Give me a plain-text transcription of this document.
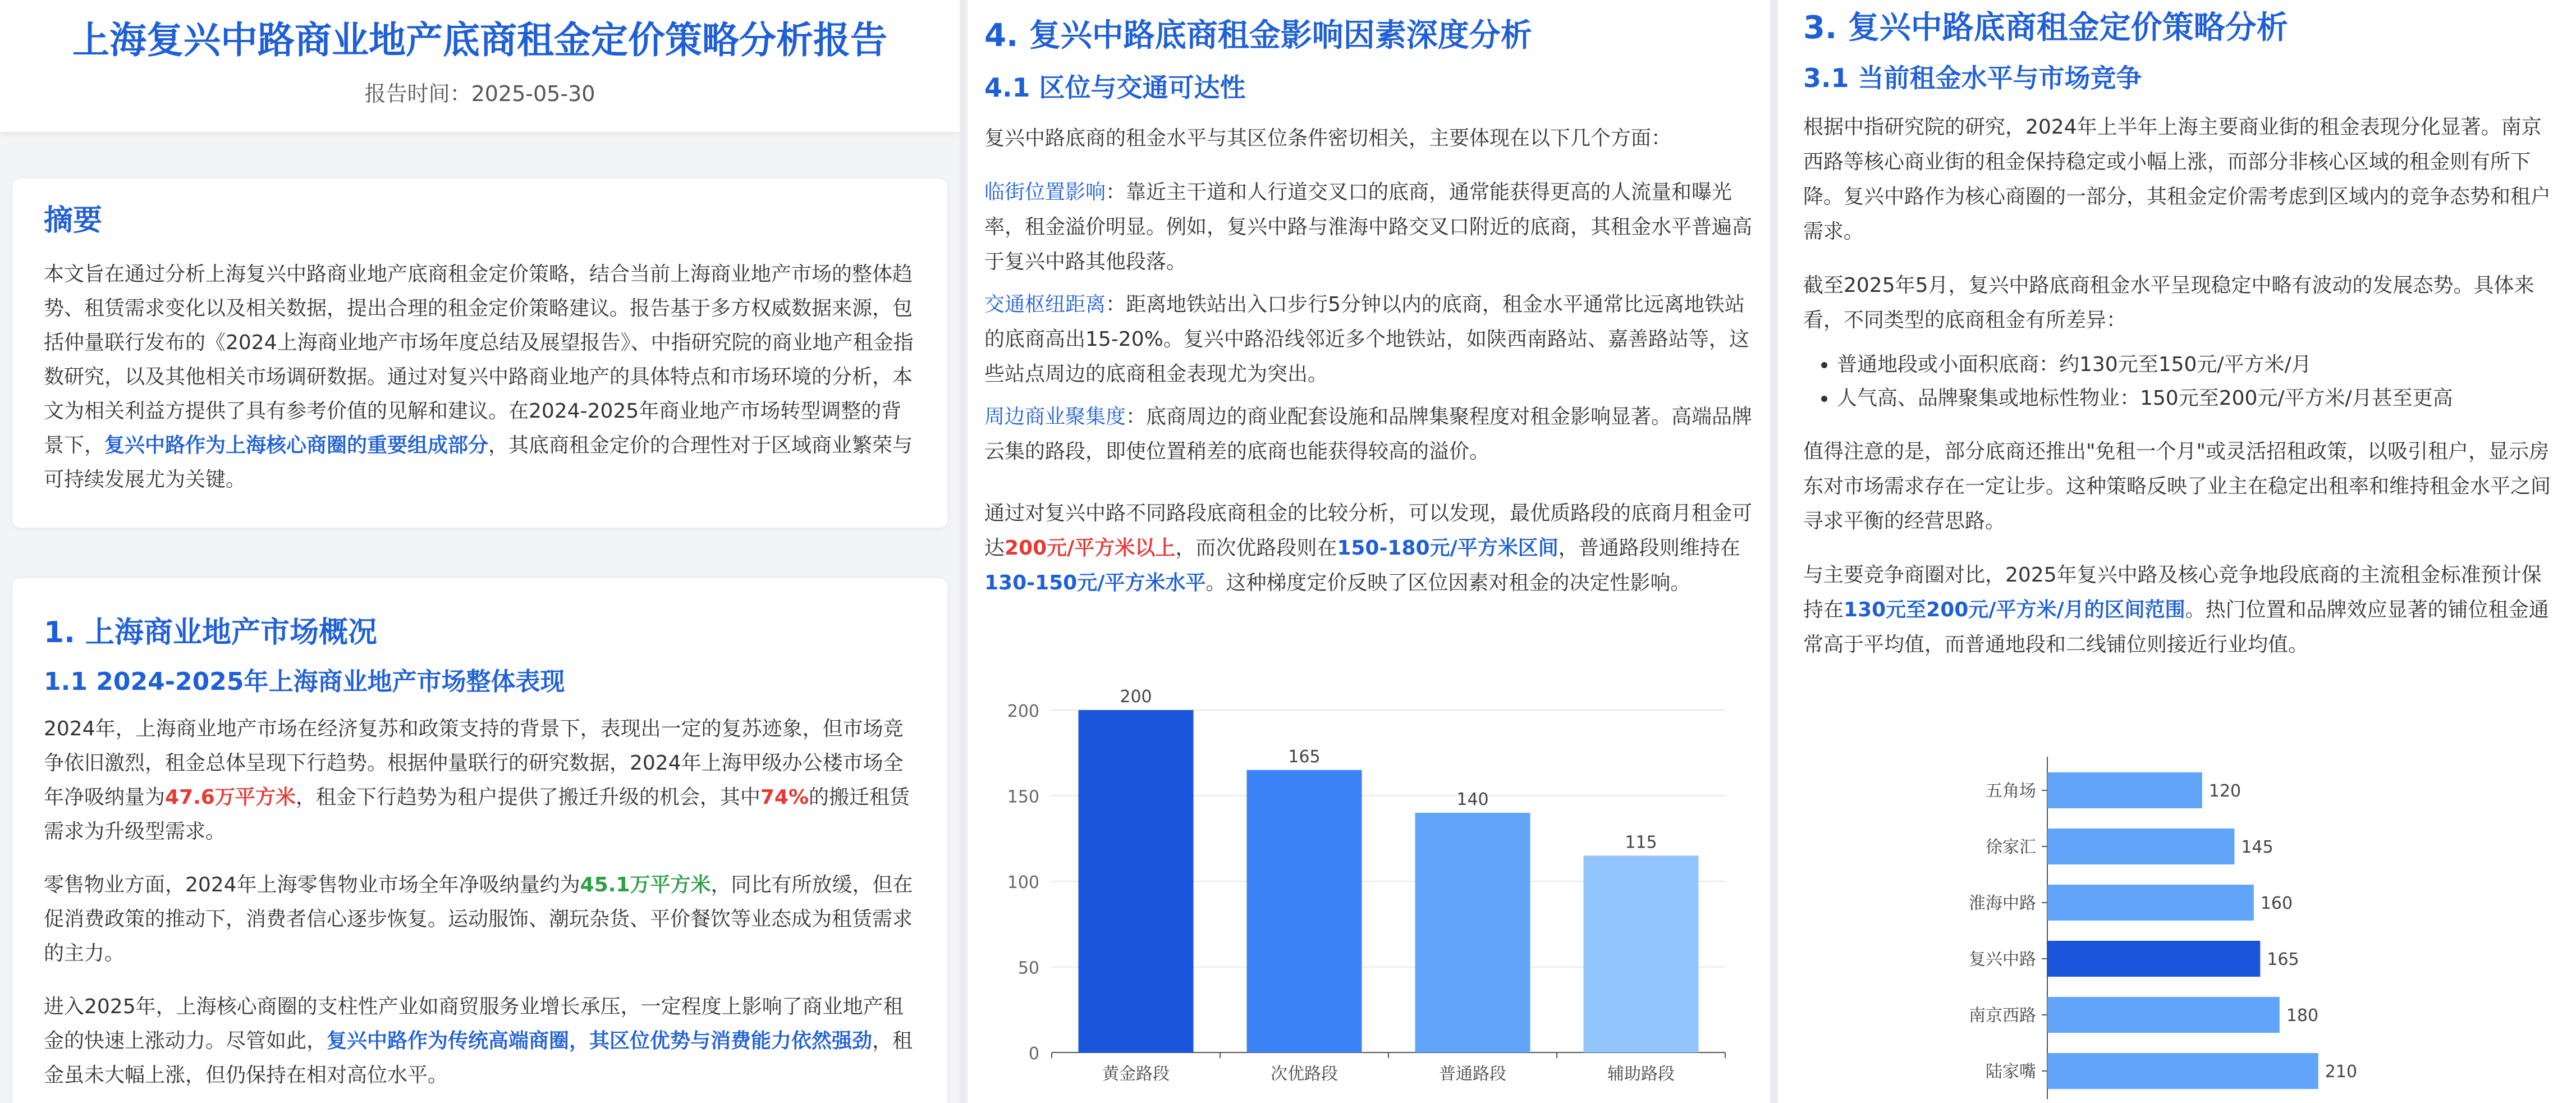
上海复兴中路商业地产底商租金定价策略分析报告
报告时间：2025-05-30
摘要

本文旨在通过分析上海复兴中路商业地产底商租金定价策略，结合当前上海商业地产市场的整体趋势、租赁需求变化以及相关数据，提出合理的租金定价策略建议。报告基于多方权威数据来源，包括仲量联行发布的《2024上海商业地产市场年度总结及展望报告》、中指研究院的商业地产租金指数研究，以及其他相关市场调研数据。通过对复兴中路商业地产的具体特点和市场环境的分析，本文为相关利益方提供了具有参考价值的见解和建议。在2024-2025年商业地产市场转型调整的背景下，复兴中路作为上海核心商圈的重要组成部分，其底商租金定价的合理性对于区域商业繁荣与可持续发展尤为关键。

1. 上海商业地产市场概况
1.1 2024-2025年上海商业地产市场整体表现

2024年，上海商业地产市场在经济复苏和政策支持的背景下，表现出一定的复苏迹象，但市场竞争依旧激烈，租金总体呈现下行趋势。根据仲量联行的研究数据，2024年上海甲级办公楼市场全年净吸纳量为47.6万平方米，租金下行趋势为租户提供了搬迁升级的机会，其中74%的搬迁租赁需求为升级型需求。

零售物业方面，2024年上海零售物业市场全年净吸纳量约为45.1万平方米，同比有所放缓，但在促消费政策的推动下，消费者信心逐步恢复。运动服饰、潮玩杂货、平价餐饮等业态成为租赁需求的主力。

进入2025年，上海核心商圈的支柱性产业如商贸服务业增长承压，一定程度上影响了商业地产租金的快速上涨动力。尽管如此，复兴中路作为传统高端商圈，其区位优势与消费能力依然强劲，租金虽未大幅上涨，但仍保持在相对高位水平。

4. 复兴中路底商租金影响因素深度分析
4.1 区位与交通可达性

复兴中路底商的租金水平与其区位条件密切相关，主要体现在以下几个方面：

临街位置影响：靠近主干道和人行道交叉口的底商，通常能获得更高的人流量和曝光率，租金溢价明显。例如，复兴中路与淮海中路交叉口附近的底商，其租金水平普遍高于复兴中路其他段落。

交通枢纽距离：距离地铁站出入口步行5分钟以内的底商，租金水平通常比远离地铁站的底商高出15-20%。复兴中路沿线邻近多个地铁站，如陕西南路站、嘉善路站等，这些站点周边的底商租金表现尤为突出。

周边商业聚集度：底商周边的商业配套设施和品牌集聚程度对租金影响显著。高端品牌云集的路段，即使位置稍差的底商也能获得较高的溢价。

通过对复兴中路不同路段底商租金的比较分析，可以发现，最优质路段的底商月租金可达200元/平方米以上，而次优路段则在150-180元/平方米区间，普通路段则维持在130-150元/平方米水平。这种梯度定价反映了区位因素对租金的决定性影响。

0
50
100
150
200
200
黄金路段
165
次优路段
140
普通路段
115
辅助路段
3. 复兴中路底商租金定价策略分析
3.1 当前租金水平与市场竞争

根据中指研究院的研究，2024年上半年上海主要商业街的租金表现分化显著。南京西路等核心商业街的租金保持稳定或小幅上涨，而部分非核心区域的租金则有所下降。复兴中路作为核心商圈的一部分，其租金定价需考虑到区域内的竞争态势和租户需求。

截至2025年5月，复兴中路底商租金水平呈现稳定中略有波动的发展态势。具体来看，不同类型的底商租金有所差异：

• 普通地段或小面积底商：约130元至150元/平方米/月
• 人气高、品牌聚集或地标性物业：150元至200元/平方米/月甚至更高

值得注意的是，部分底商还推出"免租一个月"或灵活招租政策，以吸引租户，显示房东对市场需求存在一定让步。这种策略反映了业主在稳定出租率和维持租金水平之间寻求平衡的经营思路。

与主要竞争商圈对比，2025年复兴中路及核心竞争地段底商的主流租金标准预计保持在130元至200元/平方米/月的区间范围。热门位置和品牌效应显著的铺位租金通常高于平均值，而普通地段和二线铺位则接近行业均值。

五角场	120
徐家汇	145
淮海中路	160
复兴中路	165
南京西路	180
陆家嘴	210
